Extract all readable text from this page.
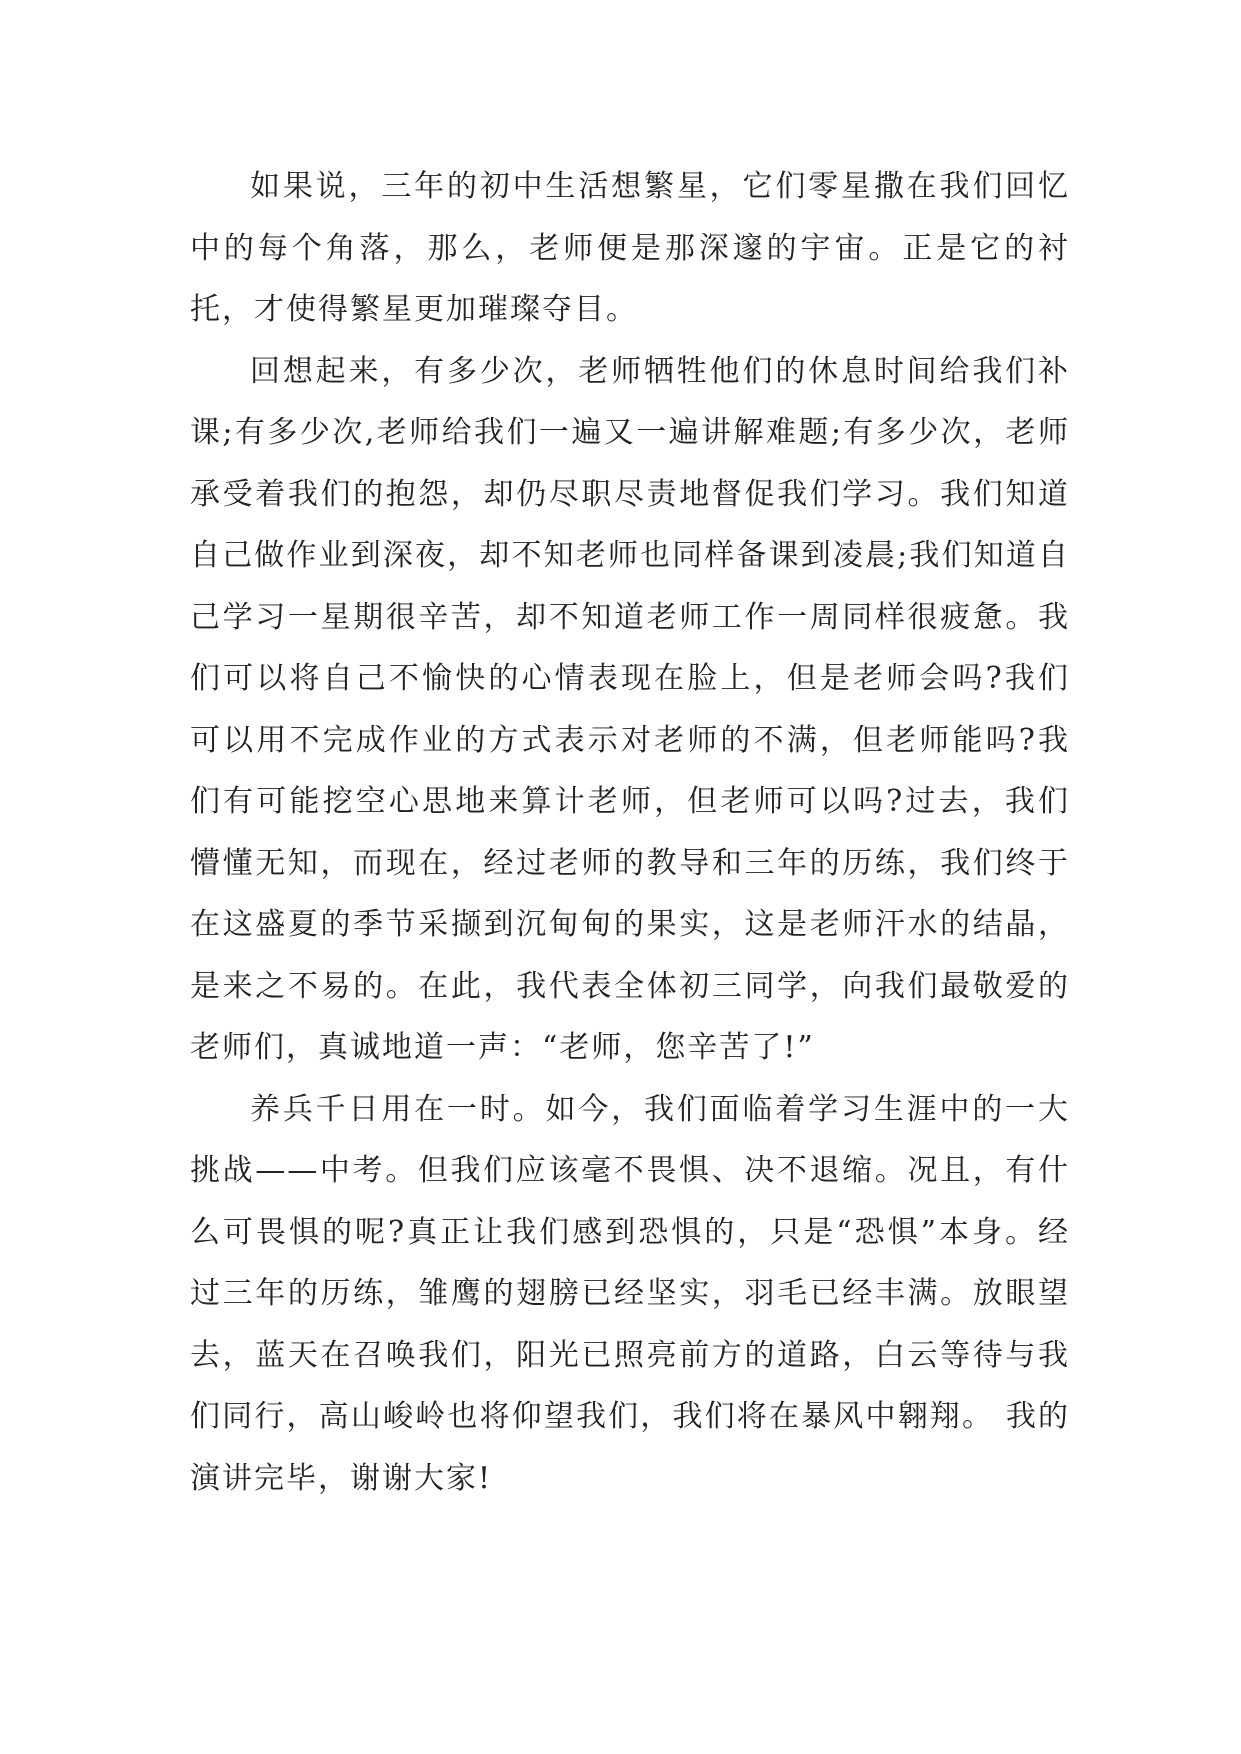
如果说，三年的初中生活想繁星，它们零星撒在我们回忆中的每个角落，那么，老师便是那深邃的宇宙。正是它的衬托，才使得繁星更加璀璨夺目。

回想起来，有多少次，老师牺牲他们的休息时间给我们补课;有多少次,老师给我们一遍又一遍讲解难题;有多少次，老师承受着我们的抱怨，却仍尽职尽责地督促我们学习。我们知道自己做作业到深夜，却不知老师也同样备课到凌晨;我们知道自己学习一星期很辛苦，却不知道老师工作一周同样很疲惫。我们可以将自己不愉快的心情表现在脸上，但是老师会吗?我们可以用不完成作业的方式表示对老师的不满，但老师能吗?我们有可能挖空心思地来算计老师，但老师可以吗?过去，我们懵懂无知，而现在，经过老师的教导和三年的历练，我们终于在这盛夏的季节采撷到沉甸甸的果实，这是老师汗水的结晶，是来之不易的。在此，我代表全体初三同学，向我们最敬爱的老师们，真诚地道一声：“老师，您辛苦了!”

养兵千日用在一时。如今，我们面临着学习生涯中的一大挑战——中考。但我们应该毫不畏惧、决不退缩。况且，有什么可畏惧的呢?真正让我们感到恐惧的，只是“恐惧”本身。经过三年的历练，雏鹰的翅膀已经坚实，羽毛已经丰满。放眼望去，蓝天在召唤我们，阳光已照亮前方的道路，白云等待与我们同行，高山峻岭也将仰望我们，我们将在暴风中翱翔。 我的演讲完毕，谢谢大家!
